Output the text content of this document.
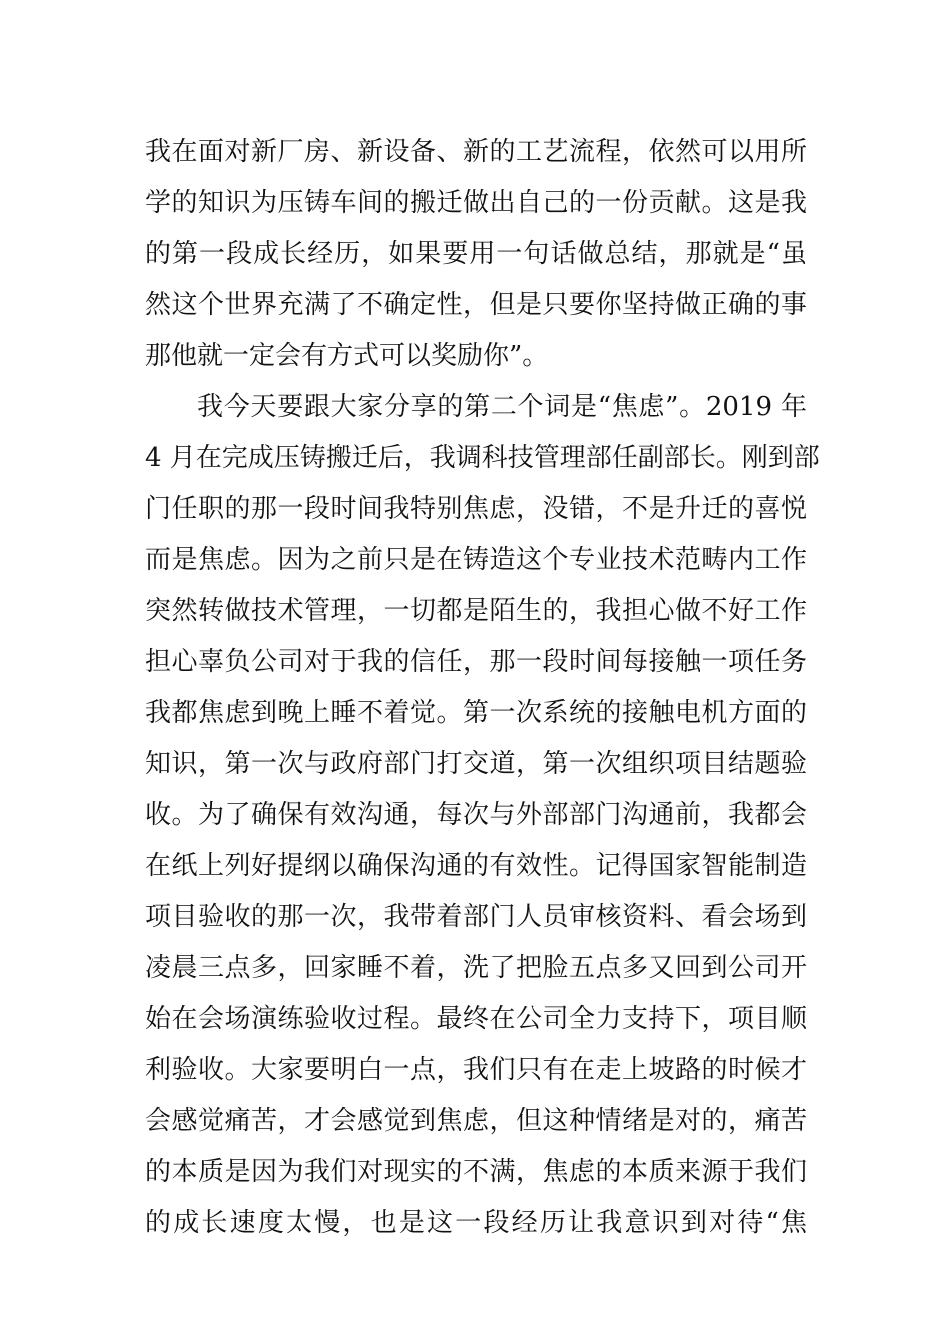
我在面对新厂房、新设备、新的工艺流程，依然可以用所
学的知识为压铸车间的搬迁做出自己的一份贡献。这是我
的第一段成长经历，如果要用一句话做总结，那就是“虽
然这个世界充满了不确定性，但是只要你坚持做正确的事
那他就一定会有方式可以奖励你”。
我今天要跟大家分享的第二个词是“焦虑”。2019 年
4 月在完成压铸搬迁后，我调科技管理部任副部长。刚到部
门任职的那一段时间我特别焦虑，没错，不是升迁的喜悦
而是焦虑。因为之前只是在铸造这个专业技术范畴内工作
突然转做技术管理，一切都是陌生的，我担心做不好工作
担心辜负公司对于我的信任，那一段时间每接触一项任务
我都焦虑到晚上睡不着觉。第一次系统的接触电机方面的
知识，第一次与政府部门打交道，第一次组织项目结题验
收。为了确保有效沟通，每次与外部部门沟通前，我都会
在纸上列好提纲以确保沟通的有效性。记得国家智能制造
项目验收的那一次，我带着部门人员审核资料、看会场到
凌晨三点多，回家睡不着，洗了把脸五点多又回到公司开
始在会场演练验收过程。最终在公司全力支持下，项目顺
利验收。大家要明白一点，我们只有在走上坡路的时候才
会感觉痛苦，才会感觉到焦虑，但这种情绪是对的，痛苦
的本质是因为我们对现实的不满，焦虑的本质来源于我们
的成长速度太慢，也是这一段经历让我意识到对待“焦
